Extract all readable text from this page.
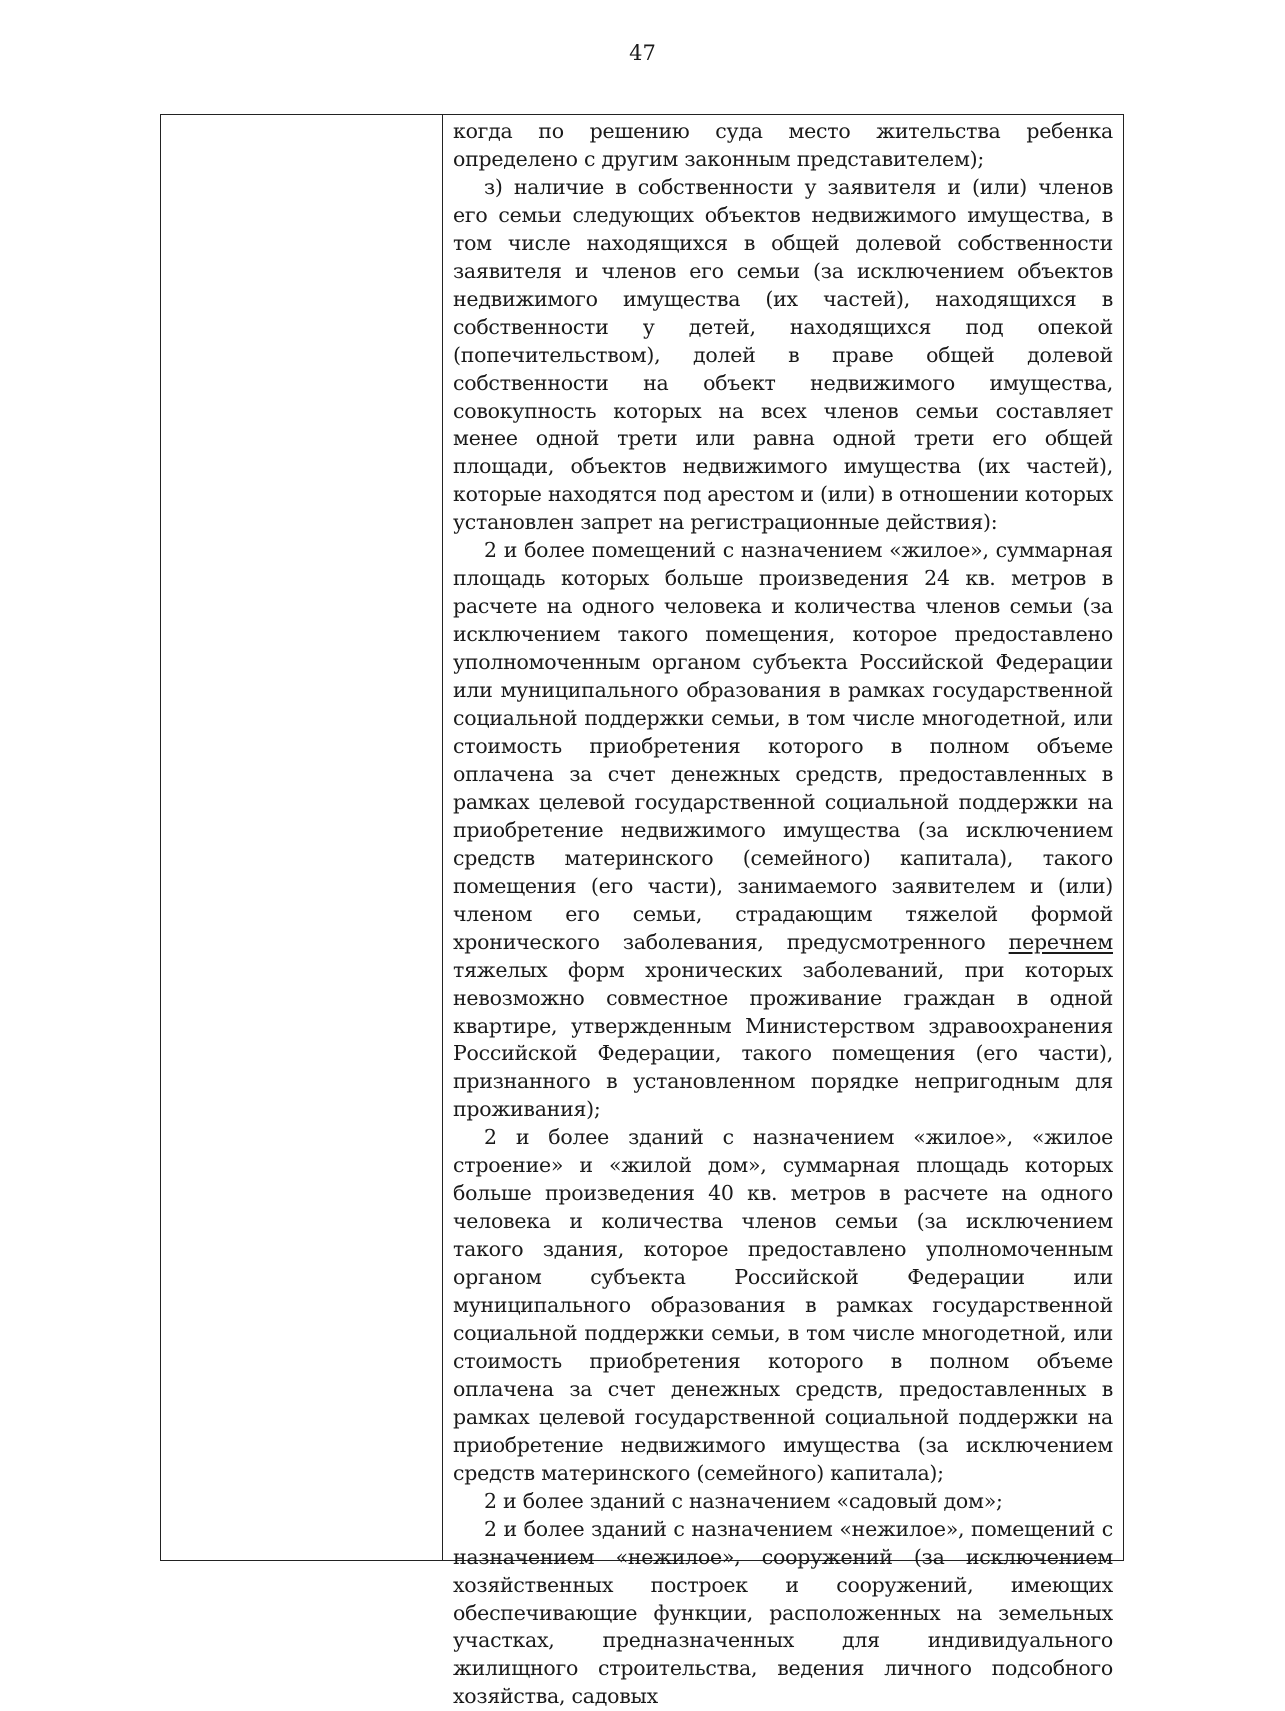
47

когда по решению суда место жительства ребенка определено с другим законным представителем);

з) наличие в собственности у заявителя и (или) членов его семьи следующих объектов недвижимого имущества, в том числе находящихся в общей долевой собственности заявителя и членов его семьи (за исключением объектов недвижимого имущества (их частей), находящихся в собственности у детей, находящихся под опекой (попечительством), долей в праве общей долевой собственности на объект недвижимого имущества, совокупность которых на всех членов семьи составляет менее одной трети или равна одной трети его общей площади, объектов недвижимого имущества (их частей), которые находятся под арестом и (или) в отношении которых установлен запрет на регистрационные действия):

2 и более помещений с назначением «жилое», суммарная площадь которых больше произведения 24 кв. метров в расчете на одного человека и количества членов семьи (за исключением такого помещения, которое предоставлено уполномоченным органом субъекта Российской Федерации или муниципального образования в рамках государственной социальной поддержки семьи, в том числе многодетной, или стоимость приобретения которого в полном объеме оплачена за счет денежных средств, предоставленных в рамках целевой государственной социальной поддержки на приобретение недвижимого имущества (за исключением средств материнского (семейного) капитала), такого помещения (его части), занимаемого заявителем и (или) членом его семьи, страдающим тяжелой формой хронического заболевания, предусмотренного перечнем тяжелых форм хронических заболеваний, при которых невозможно совместное проживание граждан в одной квартире, утвержденным Министерством здравоохранения Российской Федерации, такого помещения (его части), признанного в установленном порядке непригодным для проживания);

2 и более зданий с назначением «жилое», «жилое строение» и «жилой дом», суммарная площадь которых больше произведения 40 кв. метров в расчете на одного человека и количества членов семьи (за исключением такого здания, которое предоставлено уполномоченным органом субъекта Российской Федерации или муниципального образования в рамках государственной социальной поддержки семьи, в том числе многодетной, или стоимость приобретения которого в полном объеме оплачена за счет денежных средств, предоставленных в рамках целевой государственной социальной поддержки на приобретение недвижимого имущества (за исключением средств материнского (семейного) капитала);

2 и более зданий с назначением «садовый дом»;

2 и более зданий с назначением «нежилое», помещений с назначением «нежилое», сооружений (за исключением хозяйственных построек и сооружений, имеющих обеспечивающие функции, расположенных на земельных участках, предназначенных для индивидуального жилищного строительства, ведения личного подсобного хозяйства, садовых
